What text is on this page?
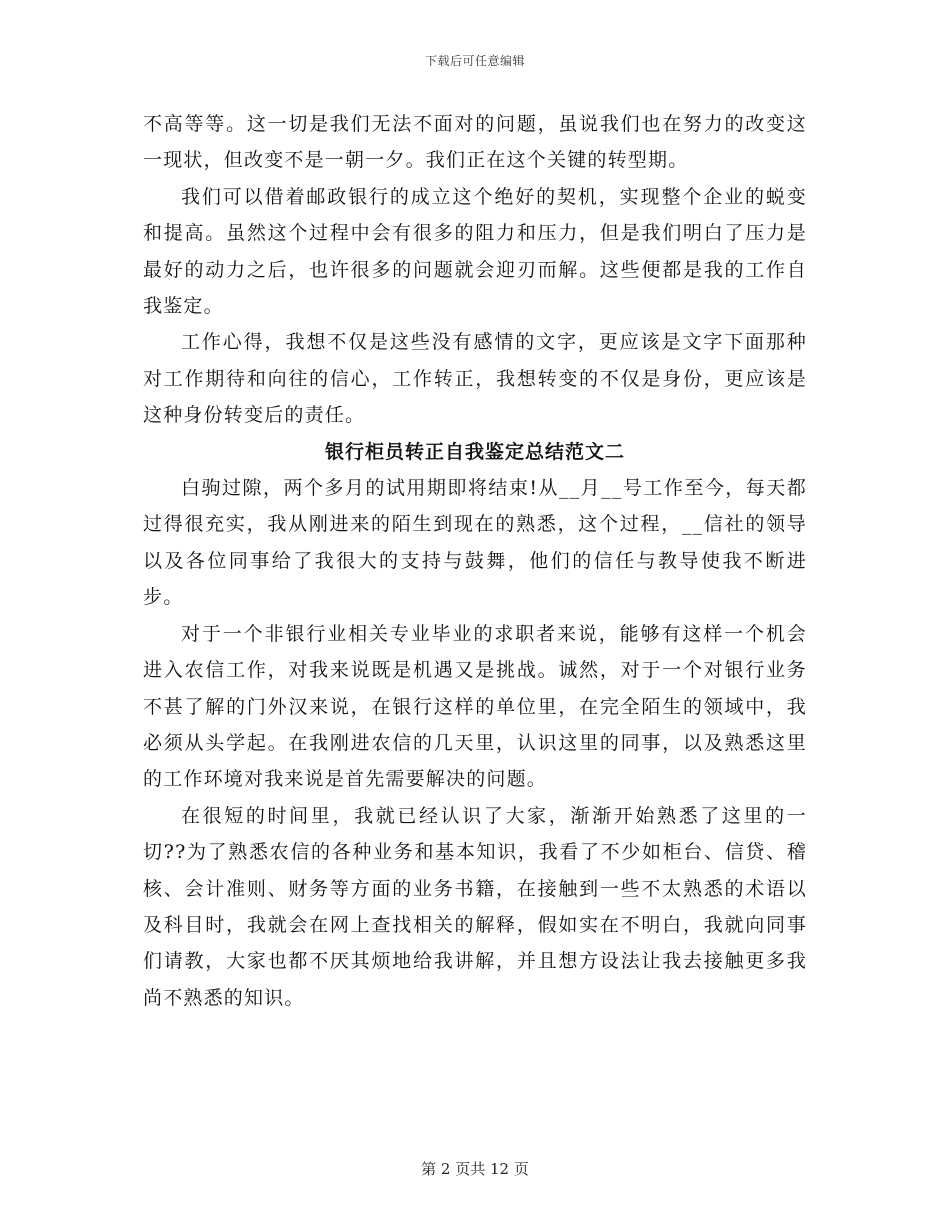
下载后可任意编辑

不高等等。这一切是我们无法不面对的问题，虽说我们也在努力的改变这一现状，但改变不是一朝一夕。我们正在这个关键的转型期。

我们可以借着邮政银行的成立这个绝好的契机，实现整个企业的蜕变和提高。虽然这个过程中会有很多的阻力和压力，但是我们明白了压力是最好的动力之后，也许很多的问题就会迎刃而解。这些便都是我的工作自我鉴定。

工作心得，我想不仅是这些没有感情的文字，更应该是文字下面那种对工作期待和向往的信心，工作转正，我想转变的不仅是身份，更应该是这种身份转变后的责任。

银行柜员转正自我鉴定总结范文二

白驹过隙，两个多月的试用期即将结束!从__月__号工作至今，每天都过得很充实，我从刚进来的陌生到现在的熟悉，这个过程，__信社的领导以及各位同事给了我很大的支持与鼓舞，他们的信任与教导使我不断进步。

对于一个非银行业相关专业毕业的求职者来说，能够有这样一个机会进入农信工作，对我来说既是机遇又是挑战。诚然，对于一个对银行业务不甚了解的门外汉来说，在银行这样的单位里，在完全陌生的领域中，我必须从头学起。在我刚进农信的几天里，认识这里的同事，以及熟悉这里的工作环境对我来说是首先需要解决的问题。

在很短的时间里，我就已经认识了大家，渐渐开始熟悉了这里的一切??为了熟悉农信的各种业务和基本知识，我看了不少如柜台、信贷、稽核、会计准则、财务等方面的业务书籍，在接触到一些不太熟悉的术语以及科目时，我就会在网上查找相关的解释，假如实在不明白，我就向同事们请教，大家也都不厌其烦地给我讲解，并且想方设法让我去接触更多我尚不熟悉的知识。

第 2 页共 12 页
